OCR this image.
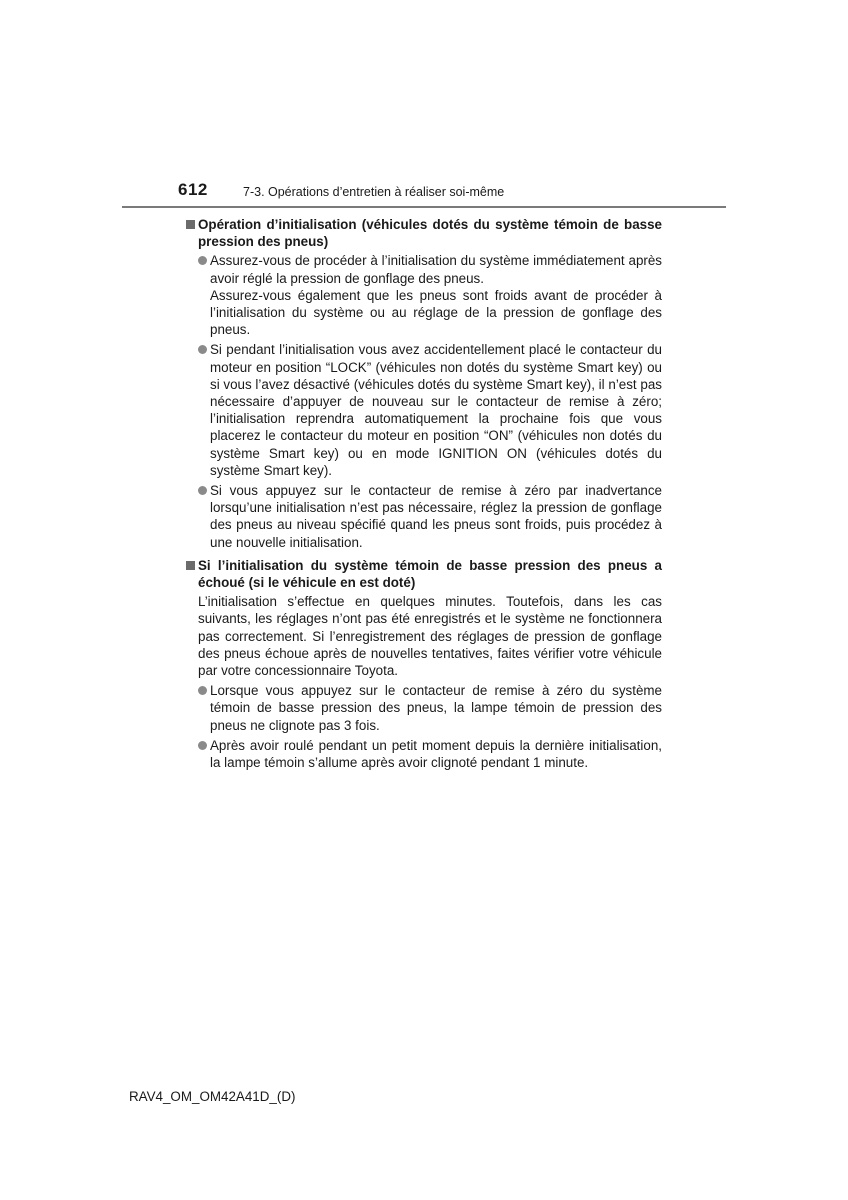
612	7-3. Opérations d’entretien à réaliser soi-même
Opération d’initialisation (véhicules dotés du système témoin de basse pression des pneus)

Assurez-vous de procéder à l’initialisation du système immédiatement après avoir réglé la pression de gonflage des pneus.

Assurez-vous également que les pneus sont froids avant de procéder à l’initialisation du système ou au réglage de la pression de gonflage des pneus.

Si pendant l’initialisation vous avez accidentellement placé le contacteur du moteur en position “LOCK” (véhicules non dotés du système Smart key) ou si vous l’avez désactivé (véhicules dotés du système Smart key), il n’est pas nécessaire d’appuyer de nouveau sur le contacteur de remise à zéro; l’initialisation reprendra automatiquement la prochaine fois que vous placerez le contacteur du moteur en position “ON” (véhicules non dotés du système Smart key) ou en mode IGNITION ON (véhicules dotés du système Smart key).

Si vous appuyez sur le contacteur de remise à zéro par inadvertance lorsqu’une initialisation n’est pas nécessaire, réglez la pression de gonflage des pneus au niveau spécifié quand les pneus sont froids, puis procédez à une nouvelle initialisation.

Si l’initialisation du système témoin de basse pression des pneus a échoué (si le véhicule en est doté)

L’initialisation s’effectue en quelques minutes. Toutefois, dans les cas suivants, les réglages n’ont pas été enregistrés et le système ne fonctionnera pas correctement. Si l’enregistrement des réglages de pression de gonflage des pneus échoue après de nouvelles tentatives, faites vérifier votre véhicule par votre concessionnaire Toyota.

Lorsque vous appuyez sur le contacteur de remise à zéro du système témoin de basse pression des pneus, la lampe témoin de pression des pneus ne clignote pas 3 fois.

Après avoir roulé pendant un petit moment depuis la dernière initialisation, la lampe témoin s’allume après avoir clignoté pendant 1 minute.

RAV4_OM_OM42A41D_(D)
